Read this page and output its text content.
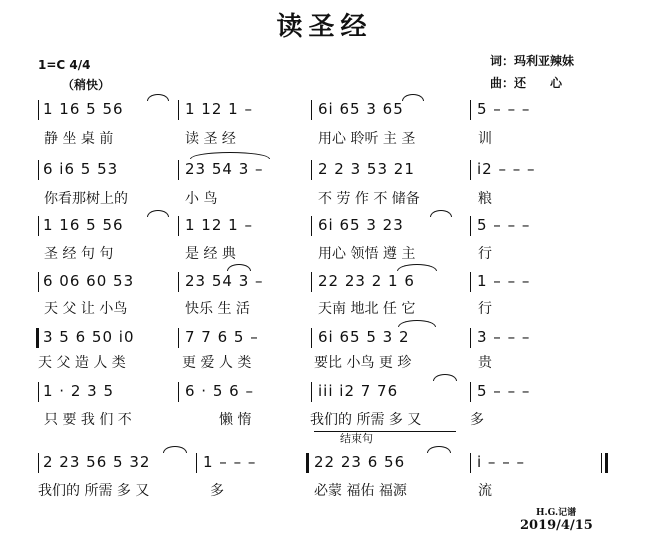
读圣经
1=C 4/4
（稍快）
词：玛利亚辣妹
曲：还　　心
1 16 5 56	1 12 1 –	6i 65 3 65	5 – – –
静 坐 桌 前	读 圣 经	用心 聆听 主 圣	训
6 i6 5 53	23 54 3 –	2 2 3 53 21	i2 – – –
你看那树上的	小 鸟	不 劳 作 不 储备	粮
1 16 5 56	1 12 1 –	6i 65 3 23	5 – – –
圣 经 句 句	是 经 典	用心 领悟 遵 主	行
6 06 60 53	23 54 3 –	22 23 2 1 6	1 – – –
天 父 让 小鸟	快乐 生 活	天南 地北 任 它	行
3 5 6 50 i0	7 7 6 5 –	6i 65 5 3 2	3 – – –
天 父 造 人 类	更 爱 人 类	要比 小鸟 更 珍	贵
1 · 2 3 5	6 · 5 6 –	iii i2 7 76	5 – – –
只 要 我 们 不	懒 惰	我们的 所需 多 又	多
结束句
2 23 56 5 32	1 – – –	22 23 6 56	i – – –
我们的 所需 多 又	多	必蒙 福佑 福源	流
H.G.记谱
2019/4/15
